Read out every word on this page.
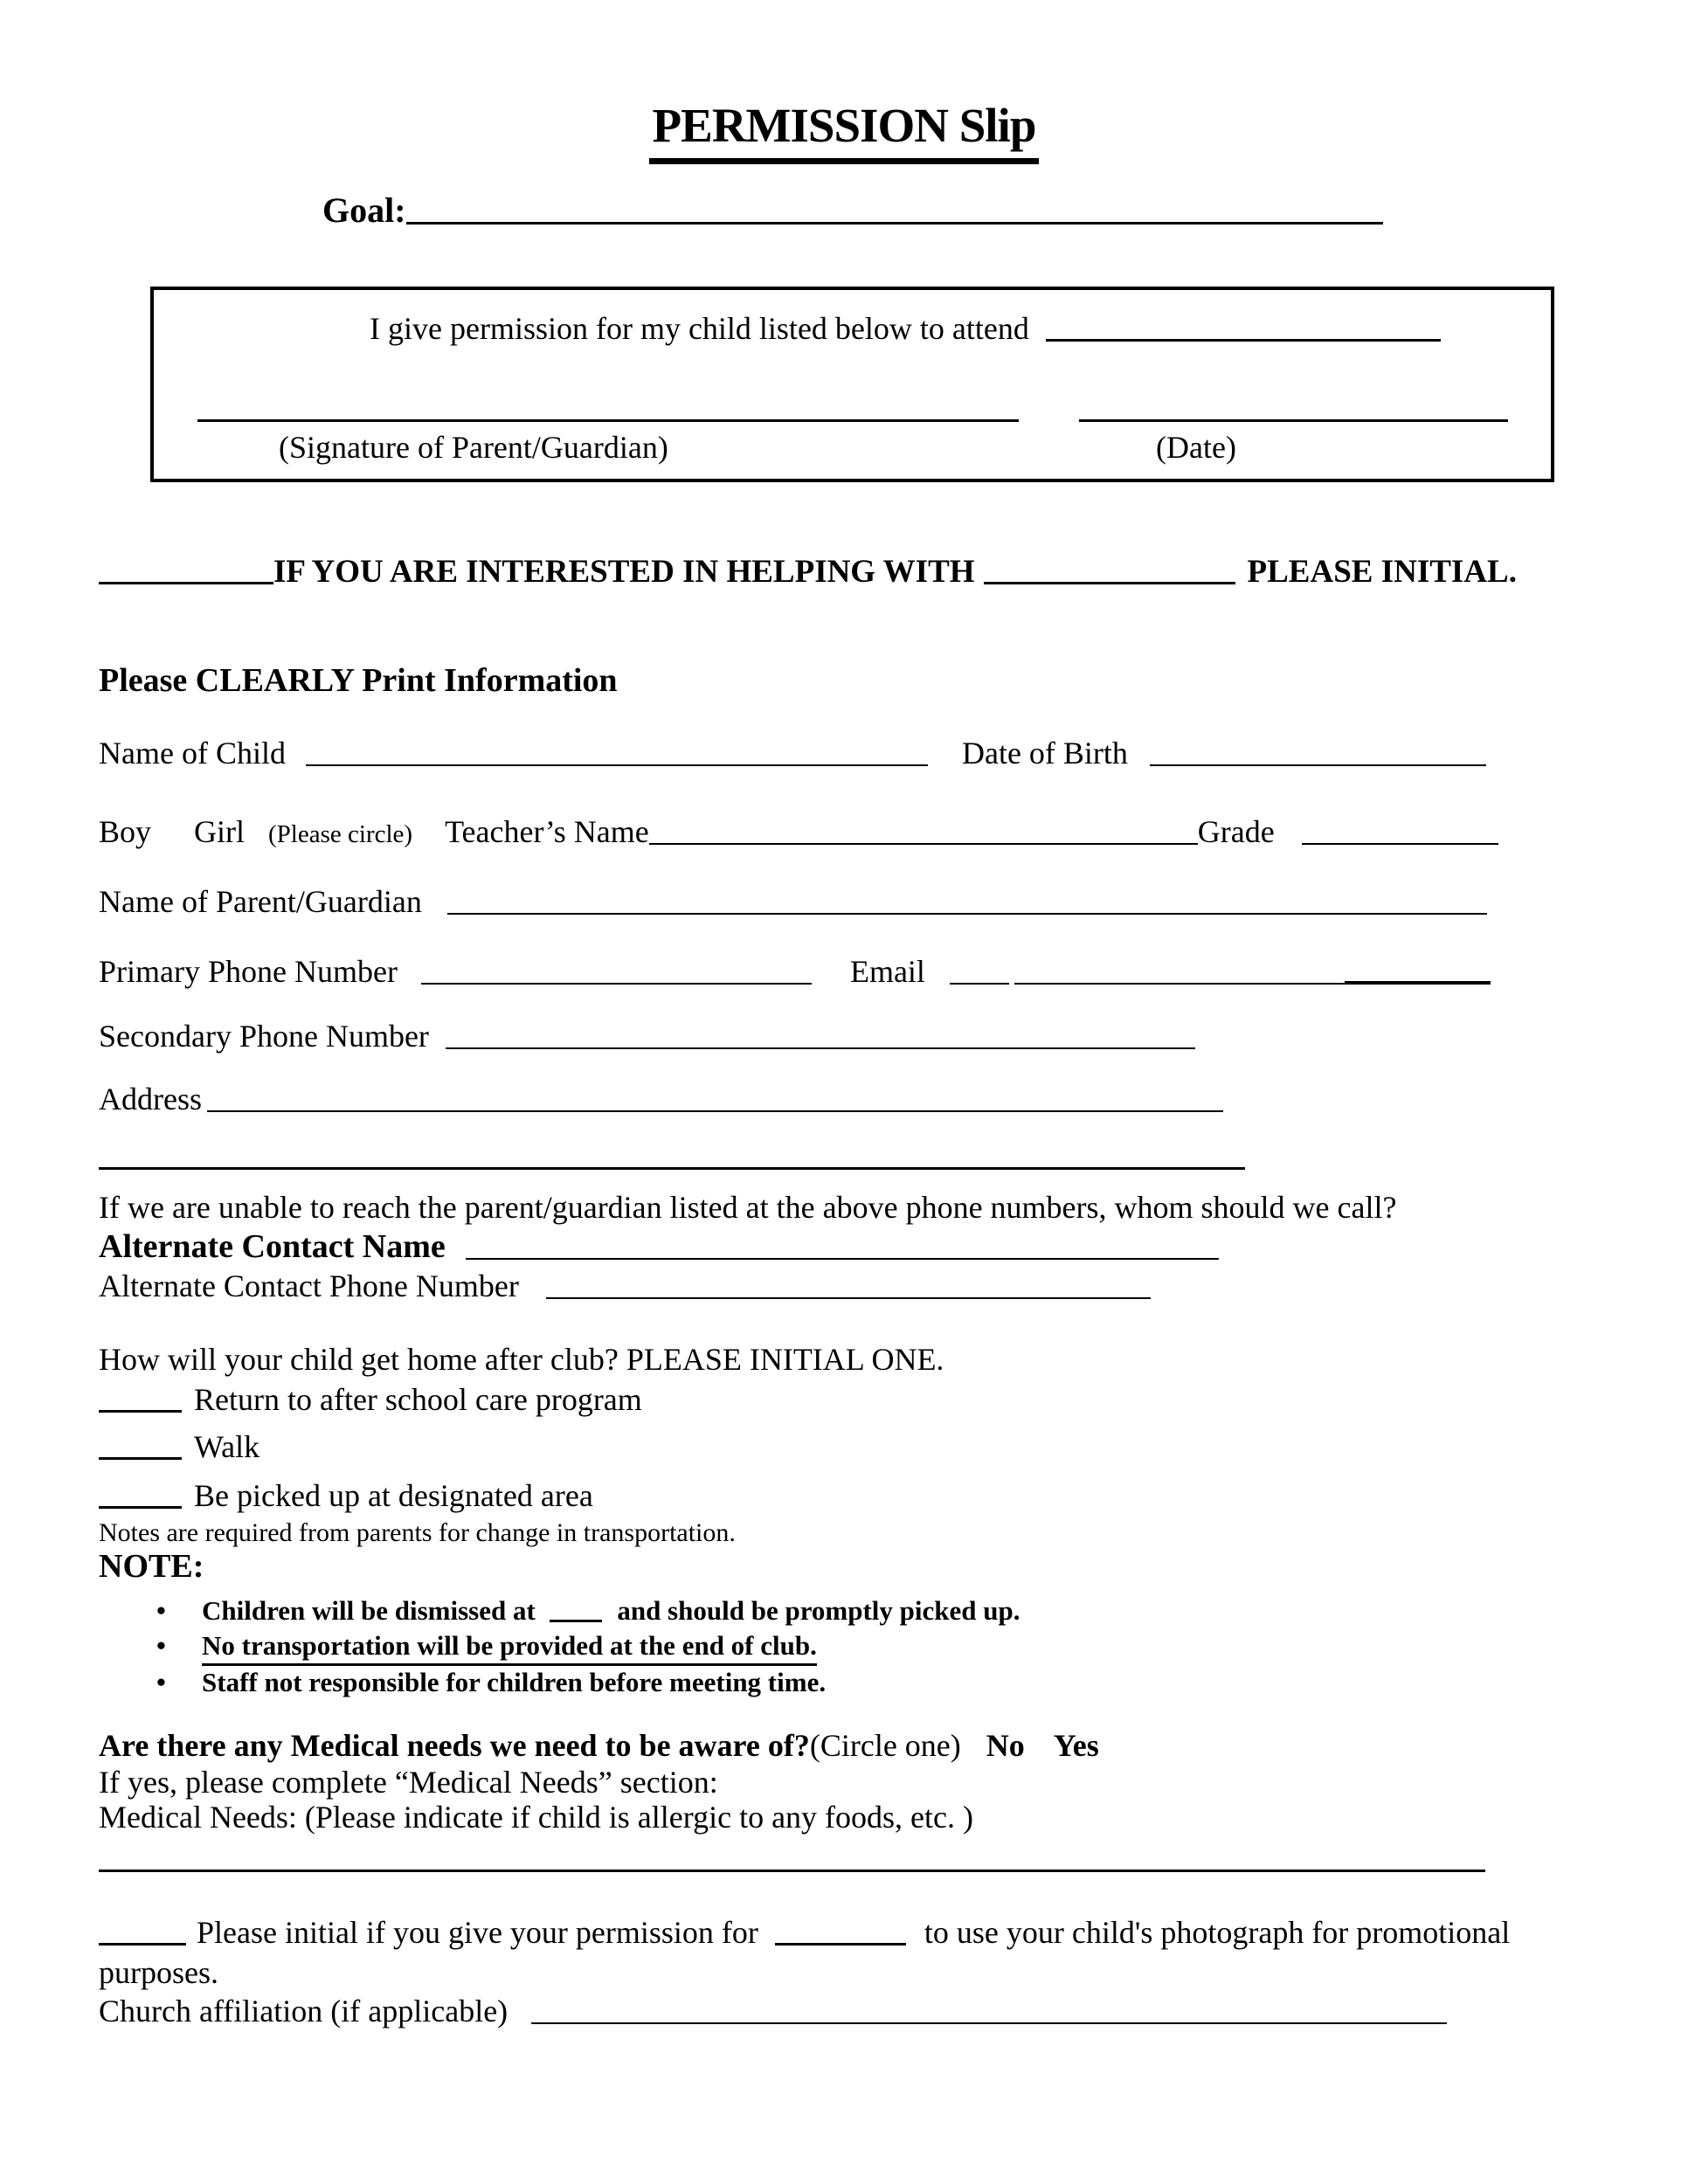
PERMISSION Slip
Goal:
I give permission for my child listed below to attend
(Signature of Parent/Guardian)	(Date)
IF YOU ARE INTERESTED IN HELPING WITH	PLEASE INITIAL.
Please CLEARLY Print Information
Name of Child	Date of Birth
Boy Girl (Please circle) Teacher’s Name	Grade
Name of Parent/Guardian
Primary Phone Number	Email
Secondary Phone Number
Address
If we are unable to reach the parent/guardian listed at the above phone numbers, whom should we call?
Alternate Contact Name
Alternate Contact Phone Number
How will your child get home after club? PLEASE INITIAL ONE.
Return to after school care program
Walk
Be picked up at designated area
Notes are required from parents for change in transportation.
NOTE:
• Children will be dismissed at	and should be promptly picked up.
• No transportation will be provided at the end of club.
• Staff not responsible for children before meeting time.
Are there any Medical needs we need to be aware of?(Circle one) No Yes
If yes, please complete “Medical Needs” section:
Medical Needs: (Please indicate if child is allergic to any foods, etc. )
Please initial if you give your permission for	to use your child's photograph for promotional
purposes.
Church affiliation (if applicable)
